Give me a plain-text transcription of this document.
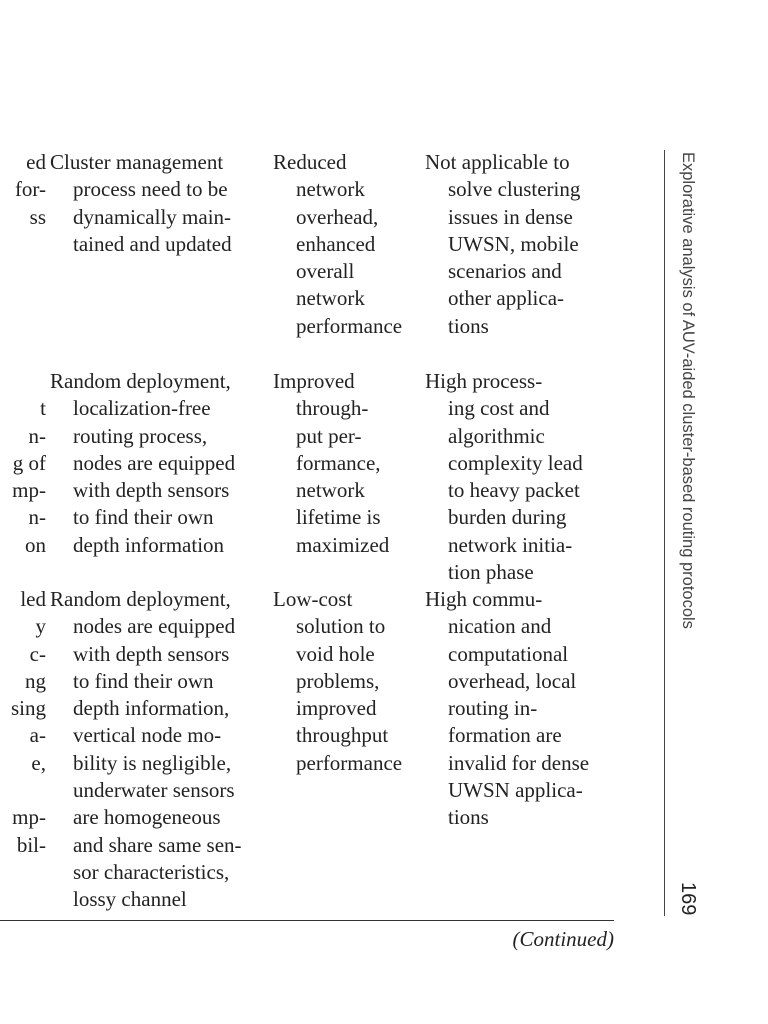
ed
for-
ss

Cluster management
process need to be
dynamically main-
tained and updated
Reduced
network
overhead,
enhanced
overall
network
performance
Not applicable to
solve clustering
issues in dense
UWSN, mobile
scenarios and
other applica-
tions

t
n-
g of
mp-
n-
on
Random deployment,
localization-free
routing process,
nodes are equipped
with depth sensors
to find their own
depth information
Improved
through-
put per-
formance,
network
lifetime is
maximized
High process-
ing cost and
algorithmic
complexity lead
to heavy packet
burden during
network initia-
tion phase
led
y
c-
ng
sing
a-
e,

mp-
bil-
Random deployment,
nodes are equipped
with depth sensors
to find their own
depth information,
vertical node mo-
bility is negligible,
underwater sensors
are homogeneous
and share same sen-
sor characteristics,
lossy channel
Low-cost
solution to
void hole
problems,
improved
throughput
performance
High commu-
nication and
computational
overhead, local
routing in-
formation are
invalid for dense
UWSN applica-
tions
(Continued)
Explorative analysis of AUV-aided cluster-based routing protocols
169
